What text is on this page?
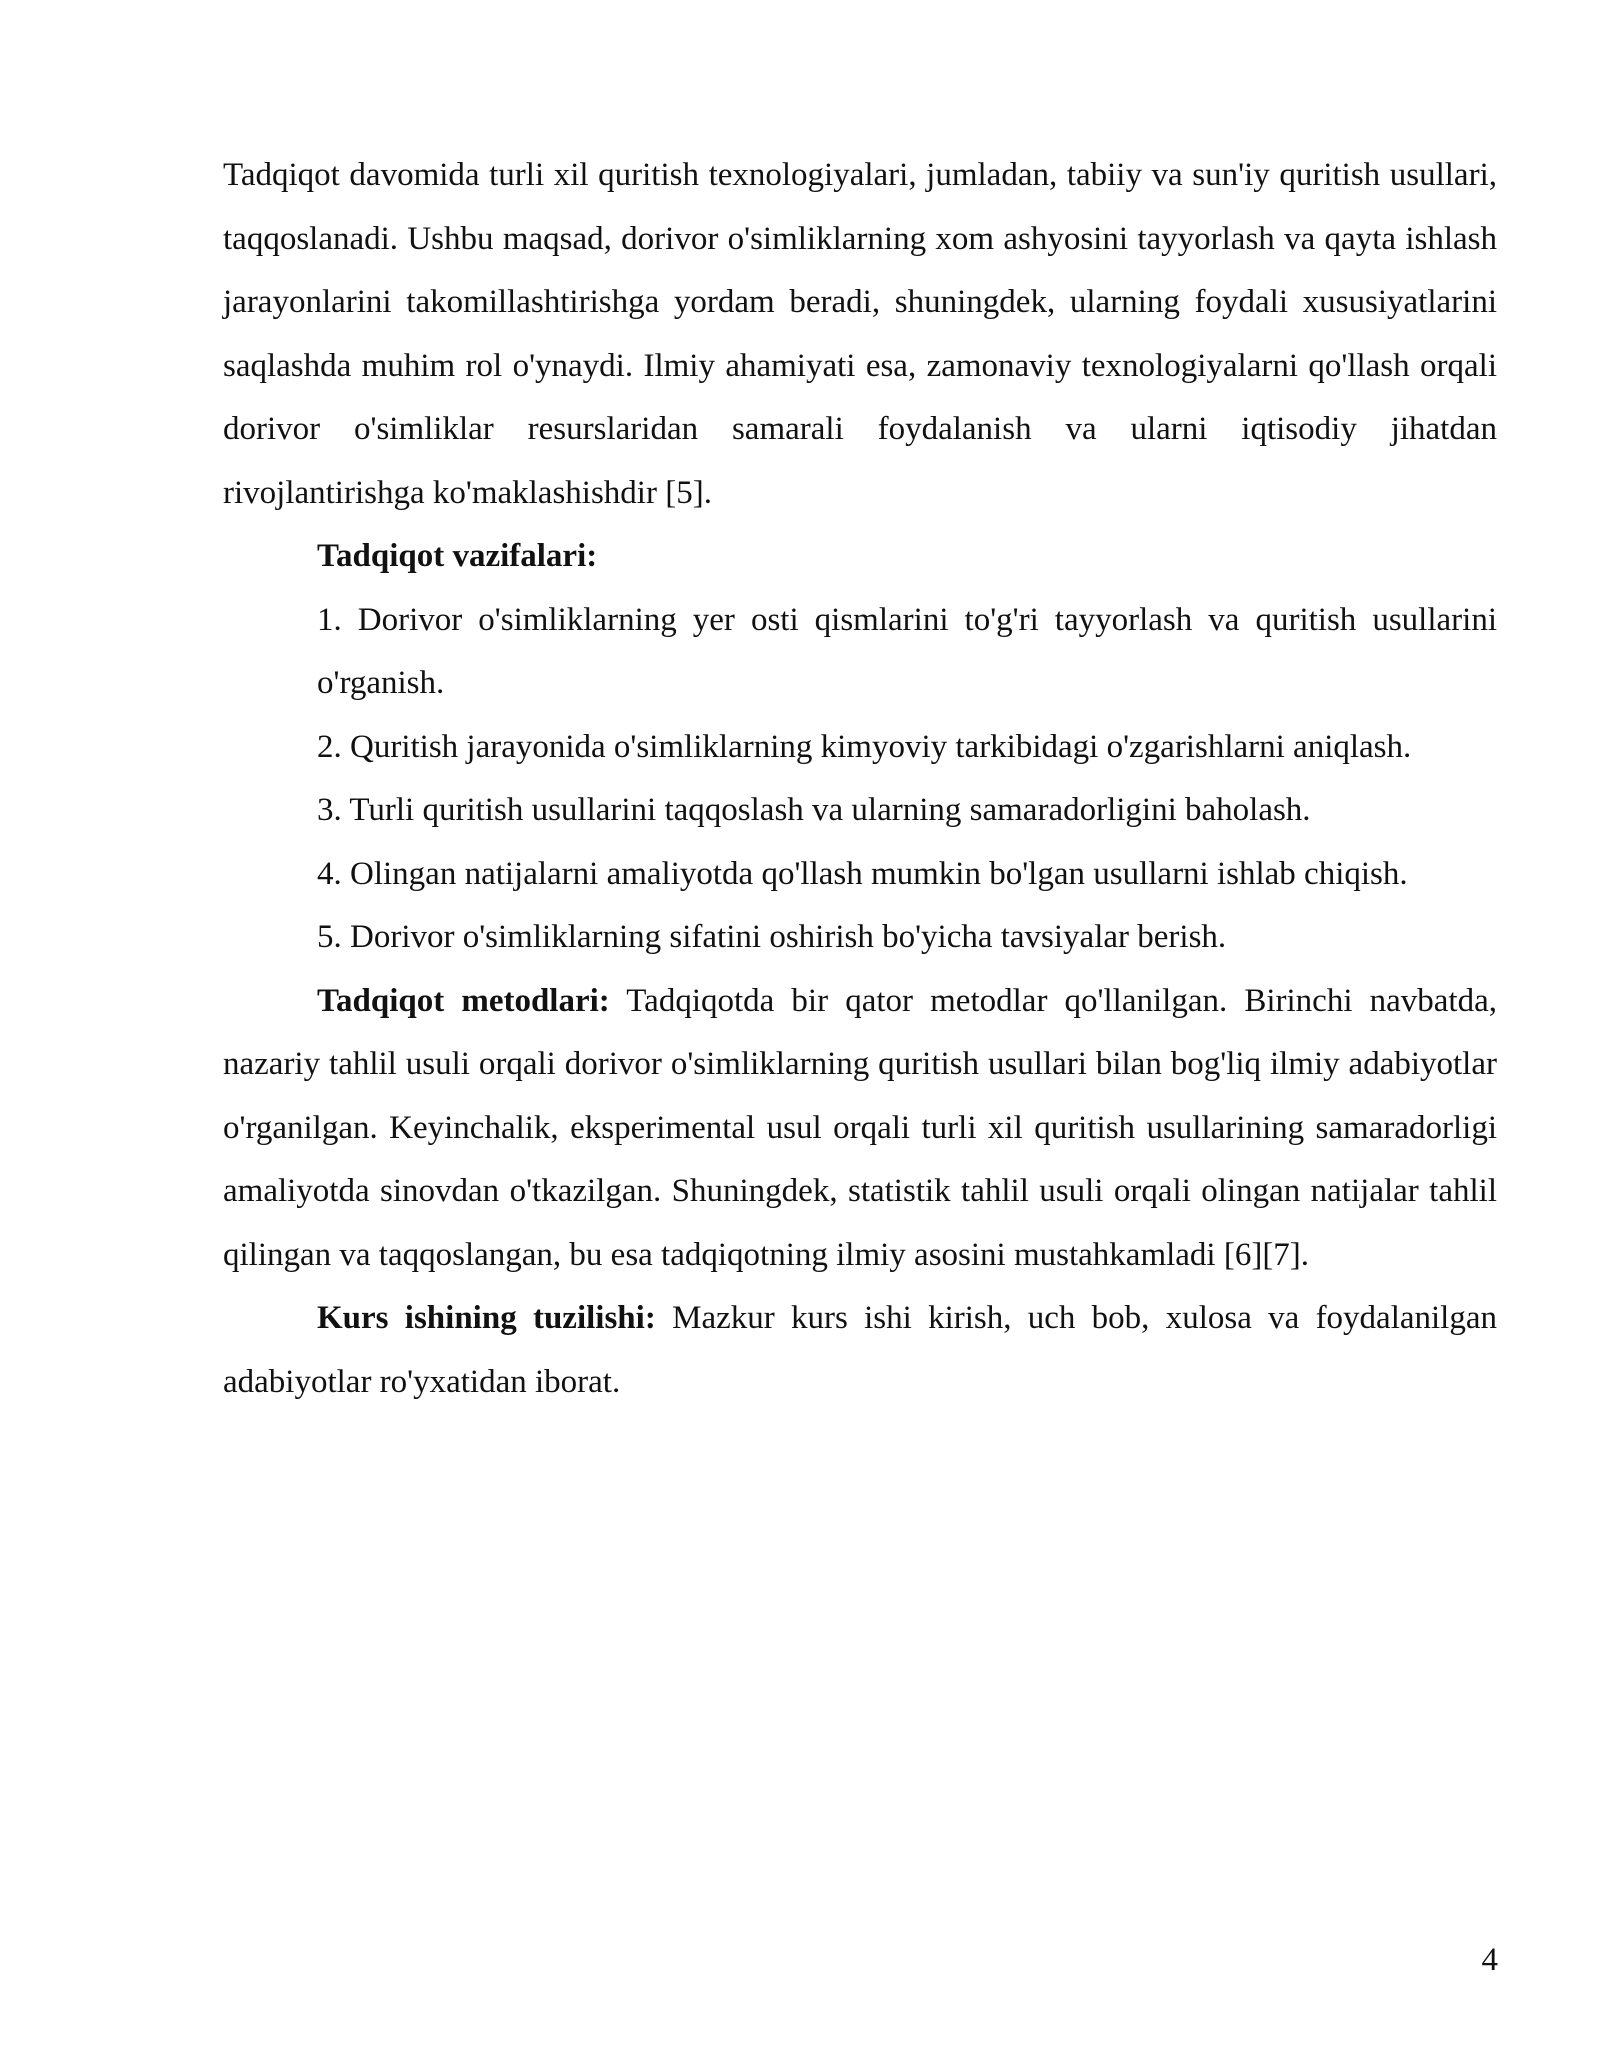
Tadqiqot davomida turli xil quritish texnologiyalari, jumladan, tabiiy va sun'iy quritish usullari, taqqoslanadi. Ushbu maqsad, dorivor o'simliklarning xom ashyosini tayyorlash va qayta ishlash jarayonlarini takomillashtirishga yordam beradi, shuningdek, ularning foydali xususiyatlarini saqlashda muhim rol o'ynaydi. Ilmiy ahamiyati esa, zamonaviy texnologiyalarni qo'llash orqali dorivor o'simliklar resurslaridan samarali foydalanish va ularni iqtisodiy jihatdan rivojlantirishga ko'maklashishdir [5].

Tadqiqot vazifalari:

1. Dorivor o'simliklarning yer osti qismlarini to'g'ri tayyorlash va quritish usullarini o'rganish.

2. Quritish jarayonida o'simliklarning kimyoviy tarkibidagi o'zgarishlarni aniqlash.

3. Turli quritish usullarini taqqoslash va ularning samaradorligini baholash.

4. Olingan natijalarni amaliyotda qo'llash mumkin bo'lgan usullarni ishlab chiqish.

5. Dorivor o'simliklarning sifatini oshirish bo'yicha tavsiyalar berish.

Tadqiqot metodlari: Tadqiqotda bir qator metodlar qo'llanilgan. Birinchi navbatda, nazariy tahlil usuli orqali dorivor o'simliklarning quritish usullari bilan bog'liq ilmiy adabiyotlar o'rganilgan. Keyinchalik, eksperimental usul orqali turli xil quritish usullarining samaradorligi amaliyotda sinovdan o'tkazilgan. Shuningdek, statistik tahlil usuli orqali olingan natijalar tahlil qilingan va taqqoslangan, bu esa tadqiqotning ilmiy asosini mustahkamladi [6][7].

Kurs ishining tuzilishi: Mazkur kurs ishi kirish, uch bob, xulosa va foydalanilgan adabiyotlar ro'yxatidan iborat.

4
